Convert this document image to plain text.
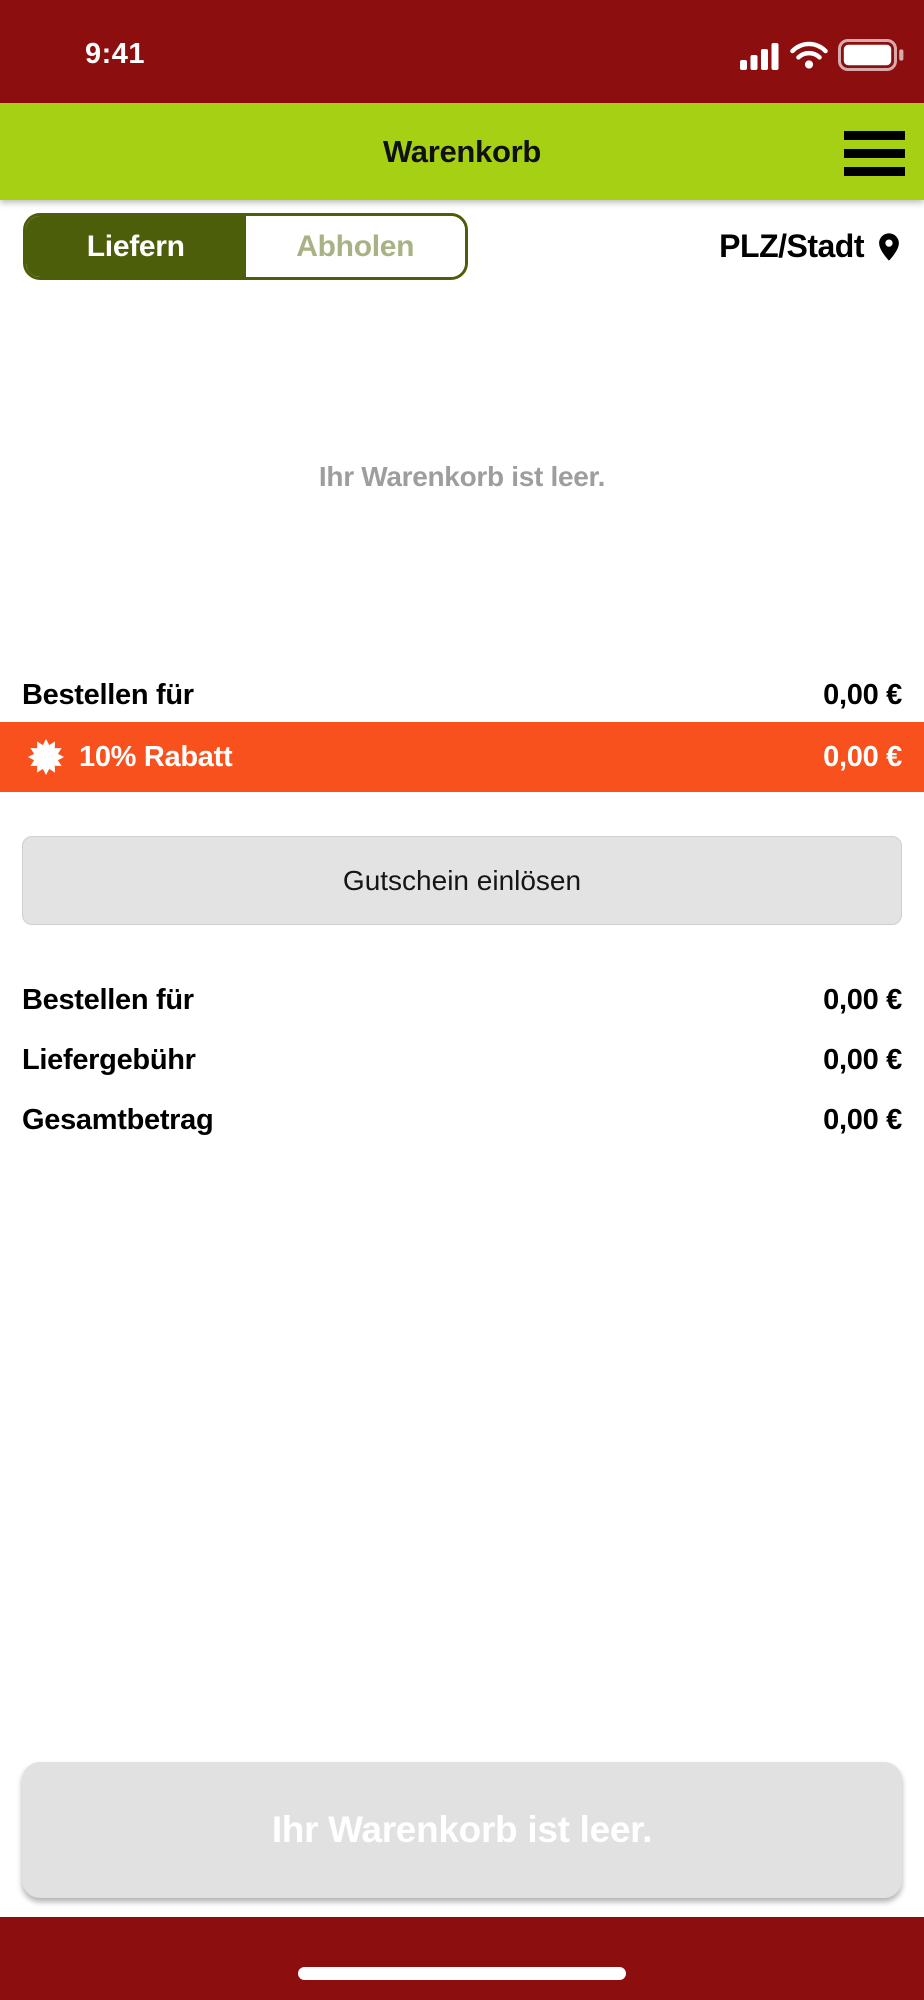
9:41
Warenkorb
Liefern	Abholen	PLZ/Stadt
Ihr Warenkorb ist leer.
Bestellen für	0,00 €
10% Rabatt	0,00 €
Gutschein einlösen
Bestellen für	0,00 €
Liefergebühr	0,00 €
Gesamtbetrag	0,00 €
Ihr Warenkorb ist leer.
